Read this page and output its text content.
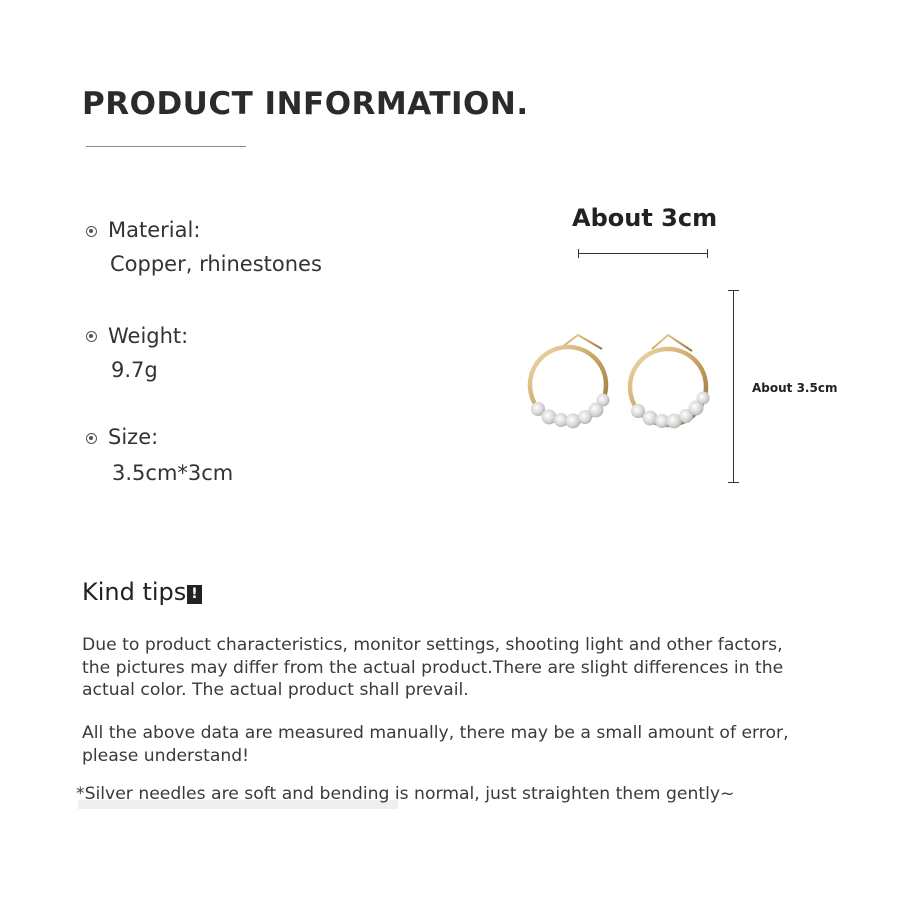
PRODUCT INFORMATION.
Material:
Copper, rhinestones
Weight:
9.7g
Size:
3.5cm*3cm
About 3cm
About 3.5cm
Kind tips !
Due to product characteristics, monitor settings, shooting light and other factors, the pictures may differ from the actual product.There are slight differences in the actual color. The actual product shall prevail.
All the above data are measured manually, there may be a small amount of error, please understand!
*Silver needles are soft and bending is normal, just straighten them gently~
